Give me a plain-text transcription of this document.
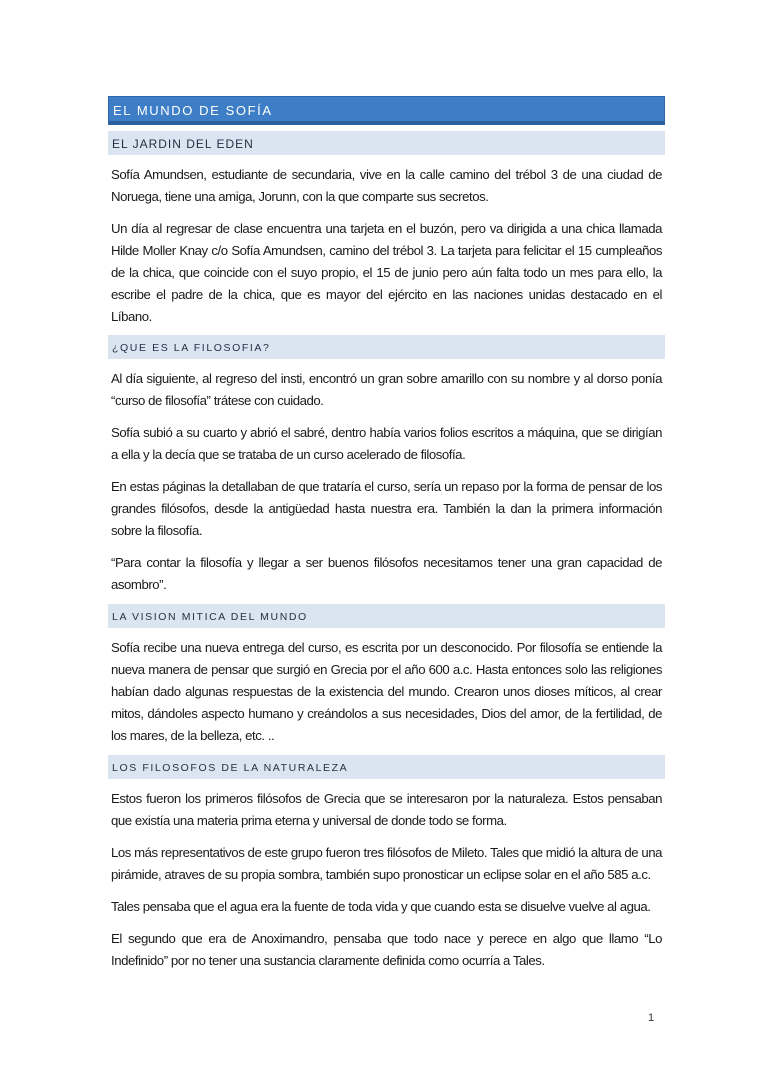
EL MUNDO DE SOFÍA
EL JARDIN DEL EDEN

Sofía Amundsen, estudiante de secundaria, vive en la calle camino del trébol 3 de una ciudad de Noruega, tiene una amiga, Jorunn, con la que comparte sus secretos.

Un día al regresar de clase encuentra una tarjeta en el buzón, pero va dirigida a una chica llamada Hilde Moller Knay c/o Sofía Amundsen, camino del trébol 3. La tarjeta para felicitar el 15 cumpleaños de la chica, que coincide con el suyo propio, el 15 de junio pero aún falta todo un mes para ello, la escribe el padre de la chica, que es mayor del ejército en las naciones unidas destacado en el Líbano.

¿QUE ES LA FILOSOFIA?

Al día siguiente, al regreso del insti, encontró un gran sobre amarillo con su nombre y al dorso ponía “curso de filosofía” trátese con cuidado.

Sofía subió a su cuarto y abrió el sabré, dentro había varios folios escritos a máquina, que se dirigían a ella y la decía que se trataba de un curso acelerado de filosofía.

En estas páginas la detallaban de que trataría el curso, sería un repaso por la forma de pensar de los grandes filósofos, desde la antigüedad hasta nuestra era. También la dan la primera información sobre la filosofía.

“Para contar la filosofía y llegar a ser buenos filósofos necesitamos tener una gran capacidad de asombro”.

LA VISION MITICA DEL MUNDO

Sofía recibe una nueva entrega del curso, es escrita por un desconocido. Por filosofía se entiende la nueva manera de pensar que surgió en Grecia por el año 600 a.c. Hasta entonces solo las religiones habían dado algunas respuestas de la existencia del mundo. Crearon unos dioses míticos, al crear mitos, dándoles aspecto humano y creándolos a sus necesidades, Dios del amor, de la fertilidad, de los mares, de la belleza, etc. ..

LOS FILOSOFOS DE LA NATURALEZA

Estos fueron los primeros filósofos de Grecia que se interesaron por la naturaleza. Estos pensaban que existía una materia prima eterna y universal de donde todo se forma.

Los más representativos de este grupo fueron tres filósofos de Mileto. Tales que midió la altura de una pirámide, atraves de su propia sombra, también supo pronosticar un eclipse solar en el año 585 a.c.

Tales pensaba que el agua era la fuente de toda vida y que cuando esta se disuelve vuelve al agua.

El segundo que era de Anoximandro, pensaba que todo nace y perece en algo que llamo “Lo Indefinido” por no tener una sustancia claramente definida como ocurría a Tales.

1
